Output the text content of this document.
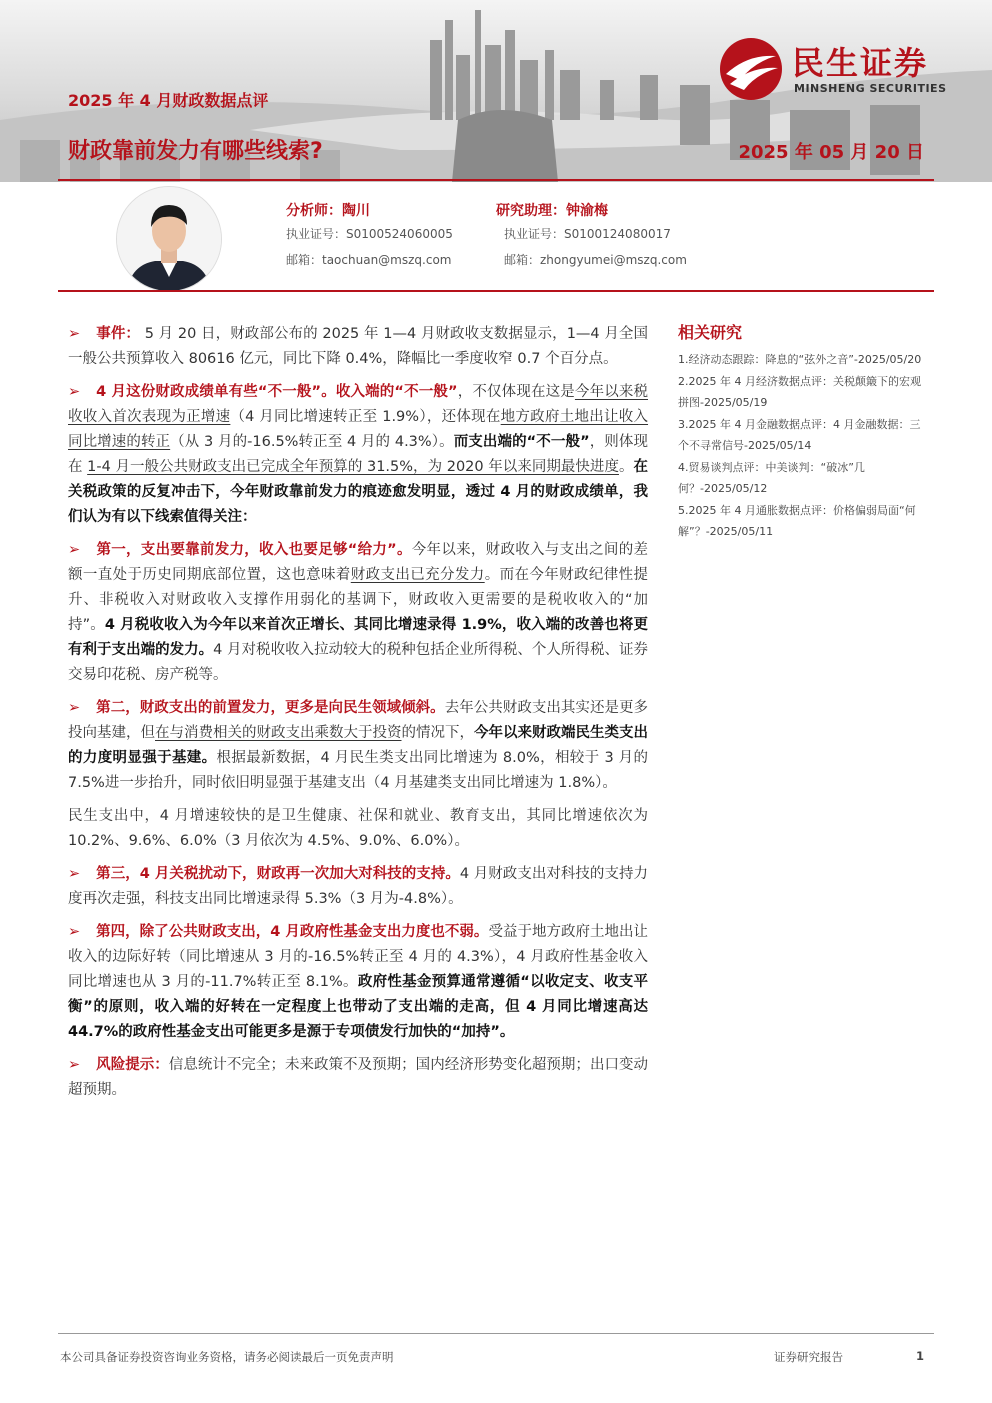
2025 年 4 月财政数据点评
财政靠前发力有哪些线索?	2025 年 05 月 20 日
民生证券
MINSHENG SECURITIES
分析师：陶川
执业证号：S0100524060005
邮箱：taochuan@mszq.com
研究助理：钟渝梅
执业证号：S0100124080017
邮箱：zhongyumei@mszq.com

➢ 事件： 5 月 20 日，财政部公布的 2025 年 1—4 月财政收支数据显示，1—4 月全国一般公共预算收入 80616 亿元，同比下降 0.4%，降幅比一季度收窄 0.7 个百分点。

➢ 4 月这份财政成绩单有些“不一般”。收入端的“不一般”，不仅体现在这是今年以来税收收入首次表现为正增速（4 月同比增速转正至 1.9%），还体现在地方政府土地出让收入同比增速的转正（从 3 月的-16.5%转正至 4 月的 4.3%）。而支出端的“不一般”，则体现在 1-4 月一般公共财政支出已完成全年预算的 31.5%，为 2020 年以来同期最快进度。在关税政策的反复冲击下，今年财政靠前发力的痕迹愈发明显，透过 4 月的财政成绩单，我们认为有以下线索值得关注：

➢ 第一，支出要靠前发力，收入也要足够“给力”。今年以来，财政收入与支出之间的差额一直处于历史同期底部位置，这也意味着财政支出已充分发力。而在今年财政纪律性提升、非税收入对财政收入支撑作用弱化的基调下，财政收入更需要的是税收收入的“加持”。4 月税收收入为今年以来首次正增长、其同比增速录得 1.9%，收入端的改善也将更有利于支出端的发力。4 月对税收收入拉动较大的税种包括企业所得税、个人所得税、证券交易印花税、房产税等。

➢ 第二，财政支出的前置发力，更多是向民生领域倾斜。去年公共财政支出其实还是更多投向基建，但在与消费相关的财政支出乘数大于投资的情况下，今年以来财政端民生类支出的力度明显强于基建。根据最新数据，4 月民生类支出同比增速为 8.0%，相较于 3 月的 7.5%进一步抬升，同时依旧明显强于基建支出（4 月基建类支出同比增速为 1.8%）。

民生支出中，4 月增速较快的是卫生健康、社保和就业、教育支出，其同比增速依次为 10.2%、9.6%、6.0%（3 月依次为 4.5%、9.0%、6.0%）。

➢ 第三，4 月关税扰动下，财政再一次加大对科技的支持。4 月财政支出对科技的支持力度再次走强，科技支出同比增速录得 5.3%（3 月为-4.8%）。

➢ 第四，除了公共财政支出，4 月政府性基金支出力度也不弱。受益于地方政府土地出让收入的边际好转（同比增速从 3 月的-16.5%转正至 4 月的 4.3%），4 月政府性基金收入同比增速也从 3 月的-11.7%转正至 8.1%。政府性基金预算通常遵循“以收定支、收支平衡”的原则，收入端的好转在一定程度上也带动了支出端的走高，但 4 月同比增速高达 44.7%的政府性基金支出可能更多是源于专项债发行加快的“加持”。

➢ 风险提示：信息统计不完全；未来政策不及预期；国内经济形势变化超预期；出口变动超预期。

相关研究
1.经济动态跟踪：降息的“弦外之音”-2025/05/20
2.2025 年 4 月经济数据点评：关税颠簸下的宏观拼图-2025/05/19
3.2025 年 4 月金融数据点评：4 月金融数据：三个不寻常信号-2025/05/14
4.贸易谈判点评：中美谈判：“破冰”几何？-2025/05/12
5.2025 年 4 月通胀数据点评：价格偏弱局面“何解”？-2025/05/11
本公司具备证券投资咨询业务资格，请务必阅读最后一页免责声明	证券研究报告	1
